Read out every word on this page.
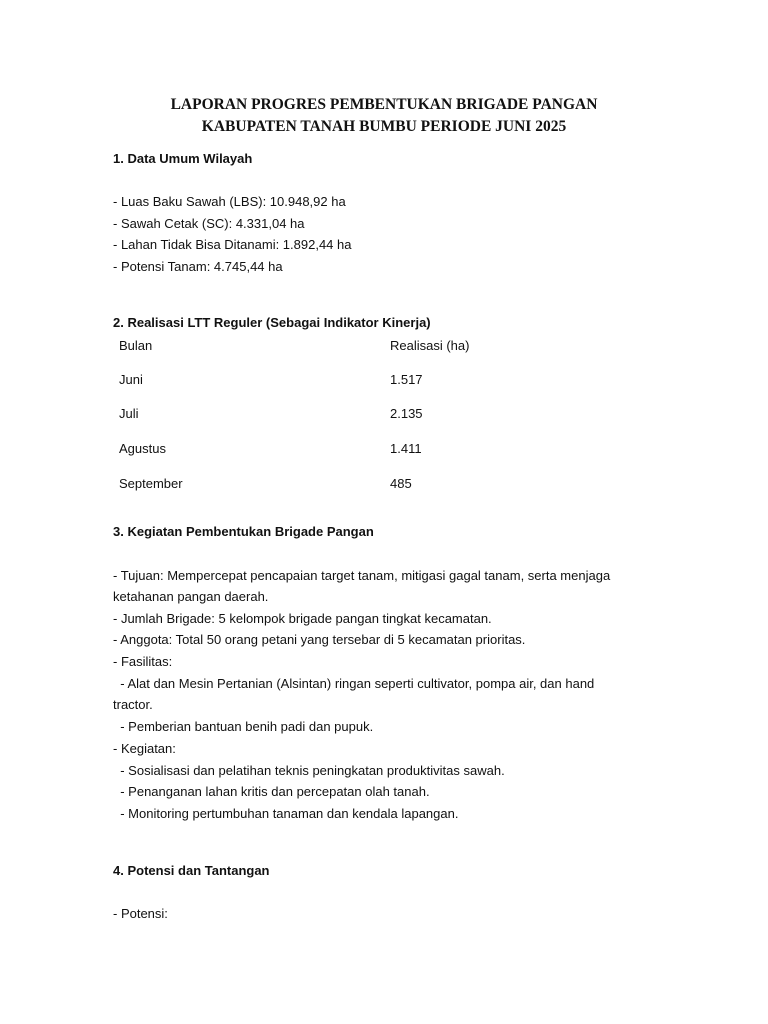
LAPORAN PROGRES PEMBENTUKAN BRIGADE PANGAN
KABUPATEN TANAH BUMBU PERIODE JUNI 2025

1. Data Umum Wilayah

- Luas Baku Sawah (LBS): 10.948,92 ha

- Sawah Cetak (SC): 4.331,04 ha

- Lahan Tidak Bisa Ditanami: 1.892,44 ha

- Potensi Tanam: 4.745,44 ha

2. Realisasi LTT Reguler (Sebagai Indikator Kinerja)

Bulan	Realisasi (ha)
Juni	1.517
Juli	2.135
Agustus	1.411
September	485

3. Kegiatan Pembentukan Brigade Pangan

- Tujuan: Mempercepat pencapaian target tanam, mitigasi gagal tanam, serta menjaga

ketahanan pangan daerah.

- Jumlah Brigade: 5 kelompok brigade pangan tingkat kecamatan.

- Anggota: Total 50 orang petani yang tersebar di 5 kecamatan prioritas.

- Fasilitas:

- Alat dan Mesin Pertanian (Alsintan) ringan seperti cultivator, pompa air, dan hand

tractor.

- Pemberian bantuan benih padi dan pupuk.

- Kegiatan:

- Sosialisasi dan pelatihan teknis peningkatan produktivitas sawah.

- Penanganan lahan kritis dan percepatan olah tanah.

- Monitoring pertumbuhan tanaman dan kendala lapangan.

4. Potensi dan Tantangan

- Potensi:
